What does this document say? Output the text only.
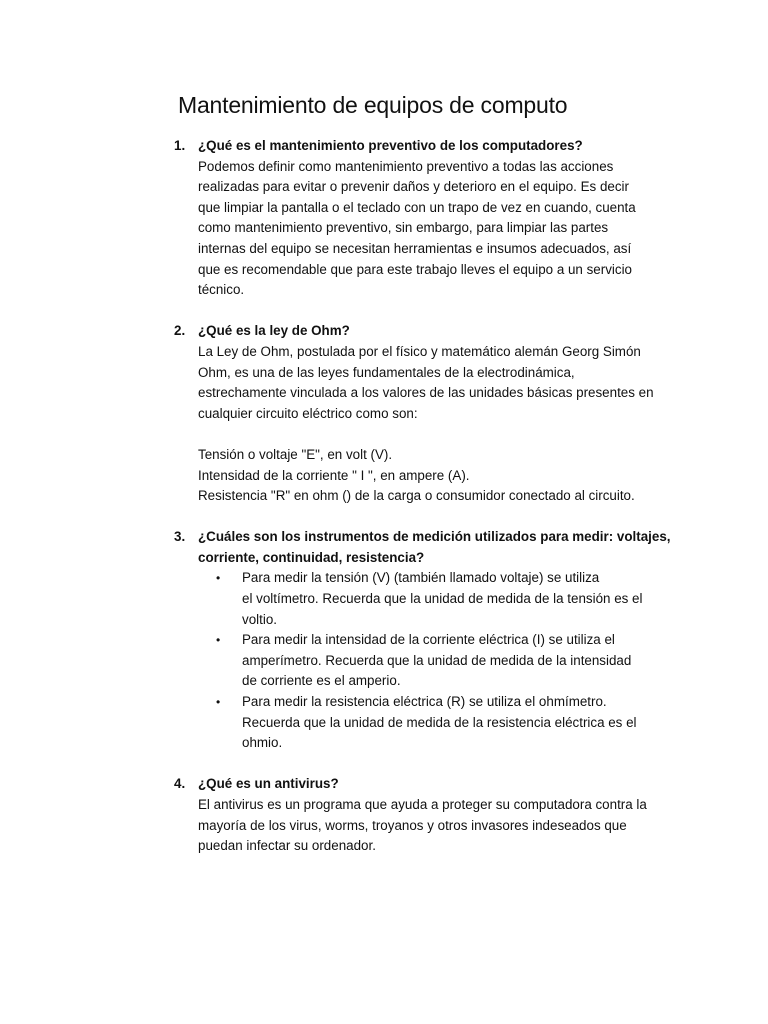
Mantenimiento de equipos de computo
1. ¿Qué es el mantenimiento preventivo de los computadores?

Podemos definir como mantenimiento preventivo a todas las acciones

realizadas para evitar o prevenir daños y deterioro en el equipo. Es decir

que limpiar la pantalla o el teclado con un trapo de vez en cuando, cuenta

como mantenimiento preventivo, sin embargo, para limpiar las partes

internas del equipo se necesitan herramientas e insumos adecuados, así

que es recomendable que para este trabajo lleves el equipo a un servicio

técnico.

2. ¿Qué es la ley de Ohm?

La Ley de Ohm, postulada por el físico y matemático alemán Georg Simón

Ohm, es una de las leyes fundamentales de la electrodinámica,

estrechamente vinculada a los valores de las unidades básicas presentes en

cualquier circuito eléctrico como son:

Tensión o voltaje "E", en volt (V).

Intensidad de la corriente " I ", en ampere (A).

Resistencia "R" en ohm () de la carga o consumidor conectado al circuito.

3. ¿Cuáles son los instrumentos de medición utilizados para medir: voltajes,
corriente, continuidad, resistencia?
• Para medir la tensión (V) (también llamado voltaje) se utiliza

el voltímetro. Recuerda que la unidad de medida de la tensión es el

voltio.

• Para medir la intensidad de la corriente eléctrica (I) se utiliza el

amperímetro. Recuerda que la unidad de medida de la intensidad

de corriente es el amperio.

• Para medir la resistencia eléctrica (R) se utiliza el ohmímetro.

Recuerda que la unidad de medida de la resistencia eléctrica es el

ohmio.

4. ¿Qué es un antivirus?

El antivirus es un programa que ayuda a proteger su computadora contra la

mayoría de los virus, worms, troyanos y otros invasores indeseados que

puedan infectar su ordenador.
